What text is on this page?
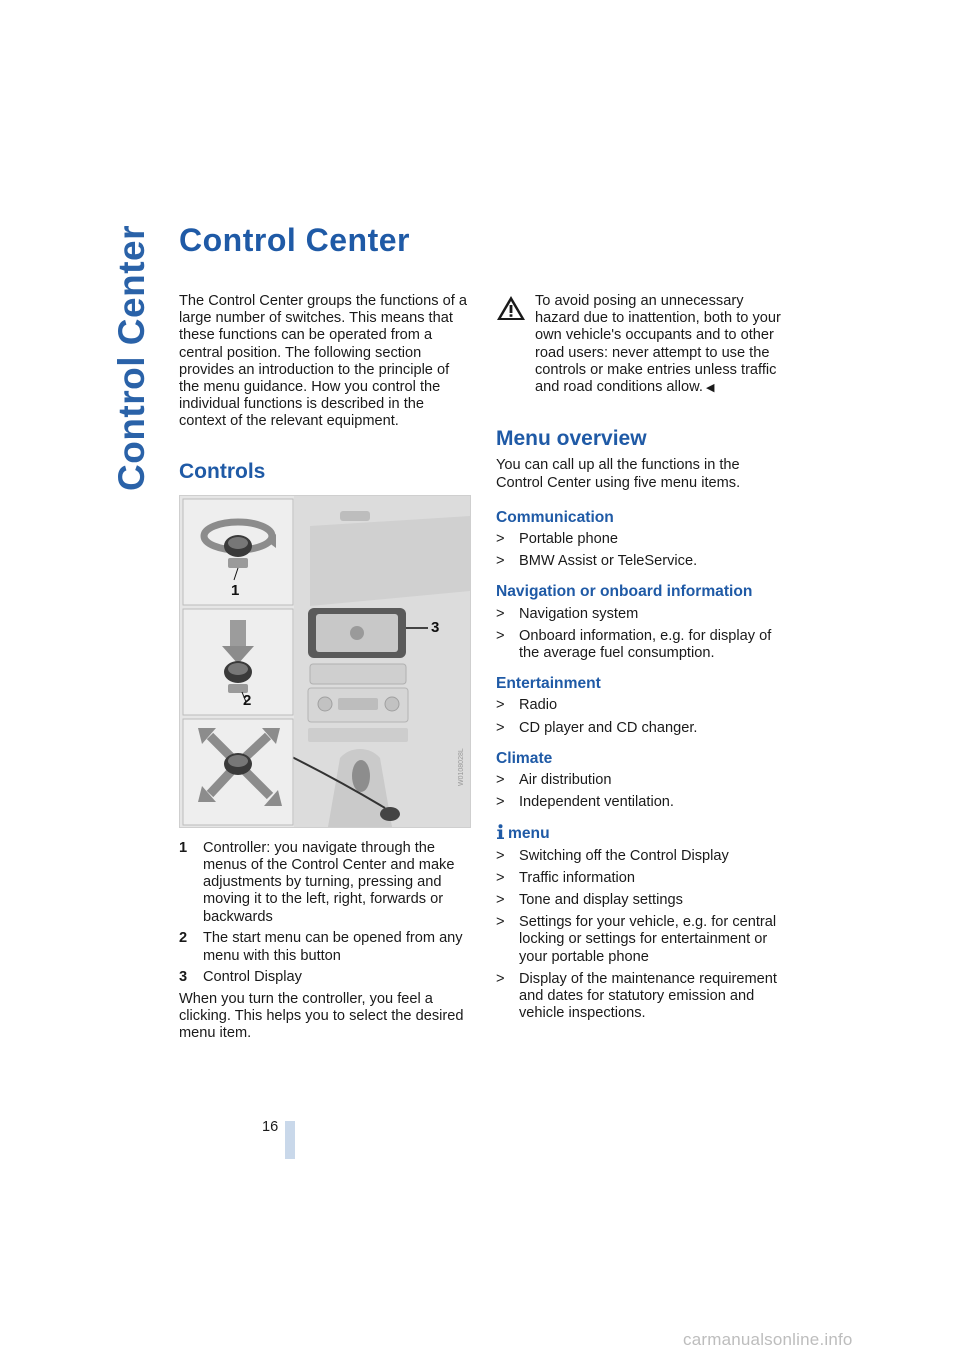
Control Center Control Center

The Control Center groups the functions of a large number of switches. This means that these functions can be operated from a central position. The following section provides an introduction to the principle of the menu guidance. How you control the individual functions is described in the context of the relevant equipment.

Controls
W0108028L
1
2
3
1 Controller: you navigate through the menus of the Control Center and make adjustments by turning, pressing and moving it to the left, right, forwards or backwards
2 The start menu can be opened from any menu with this button
3 Control Display

When you turn the controller, you feel a clicking. This helps you to select the desired menu item.

To avoid posing an unnecessary hazard due to inattention, both to your own vehicle's occupants and to other road users: never attempt to use the controls or make entries unless traffic and road conditions allow. ◀

Menu overview

You can call up all the functions in the Control Center using five menu items.

Communication
> Portable phone
> BMW Assist or TeleService.
Navigation or onboard information
> Navigation system
> Onboard information, e.g. for display of the average fuel consumption.
Entertainment
> Radio
> CD player and CD changer.
Climate
> Air distribution
> Independent ventilation.
menu
> Switching off the Control Display
> Traffic information
> Tone and display settings
> Settings for your vehicle, e.g. for central locking or settings for entertainment or your portable phone
> Display of the maintenance requirement and dates for statutory emission and vehicle inspections.
16
carmanualsonline.info
